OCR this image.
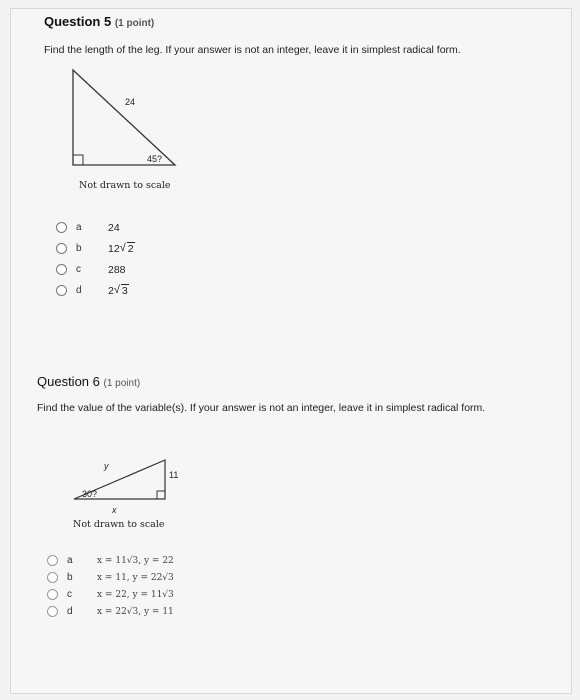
Question 5 (1 point)
Find the length of the leg. If your answer is not an integer, leave it in simplest radical form.
24
45?
Not drawn to scale
a	24
b	12 √ 2
c	288
d	2 √ 3
Question 6 (1 point)
Find the value of the variable(s). If your answer is not an integer, leave it in simplest radical form.
y
11
30?
x
Not drawn to scale
a	x = 11√3, y = 22
b	x = 11, y = 22√3
c	x = 22, y = 11√3
d	x = 22√3, y = 11
